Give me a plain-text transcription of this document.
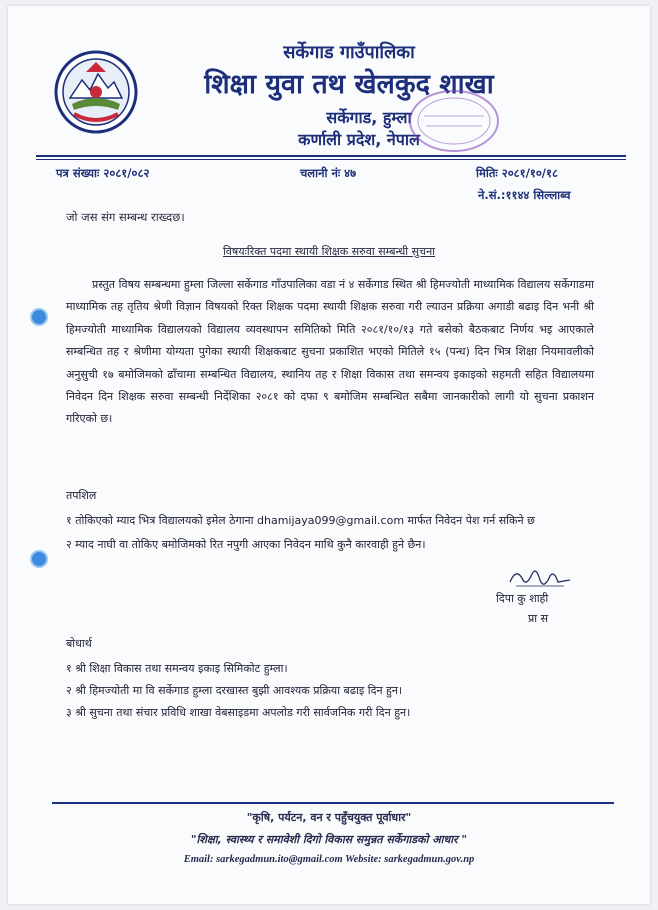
सर्केगाड गाउँपालिका
शिक्षा युवा तथ खेलकुद शाखा
सर्केगाड, हुम्ला
कर्णाली प्रदेश, नेपाल
पत्र संख्याः २०८१/०८२	चलानी नंः ४७	मितिः २०८१/१०/१८
ने.सं.:११४४ सिल्लाब्व
जो जस संग सम्बन्ध राख्दछ।
विषयःरिक्त पदमा स्थायी शिक्षक सरुवा सम्बन्धी सुचना
प्रस्तुत विषय सम्बन्धमा हुम्ला जिल्ला सर्केगाड गाँउपालिका वडा नं ४ सर्केगाड स्थित श्री हिमज्योती माध्यामिक विद्यालय सर्केगाडमा माध्यामिक तह तृतिय श्रेणी विज्ञान विषयको रिक्त शिक्षक पदमा स्थायी शिक्षक सरुवा गरी ल्याउन प्रक्रिया अगाडी बढाइ दिन भनी श्री हिमज्योती माध्यामिक विद्यालयको विद्यालय व्यवस्थापन समितिको मिति २०८१/१०/१३ गते बसेको बैठकबाट निर्णय भइ आएकाले सम्बन्धित तह र श्रेणीमा योग्यता पुगेका स्थायी शिक्षकबाट सुचना प्रकाशित भएको मितिले १५ (पन्ध) दिन भित्र शिक्षा नियमावलीको अनुसुची १७ बमोजिमको ढाँचामा सम्बन्धित विद्यालय, स्थानिय तह र शिक्षा विकास तथा समन्वय इकाइको सहमती सहित विद्यालयमा निवेदन दिन शिक्षक सरुवा सम्बन्धी निर्देशिका २०८१ को दफा ९ बमोजिम सम्बन्धित सबैमा जानकारीको लागी यो सुचना प्रकाशन गरिएको छ।
तपशिल
१ तोकिएको म्याद भित्र विद्यालयको इमेल ठेगाना dhamijaya099@gmail.com मार्फत निवेदन पेश गर्न सकिने छ
२ म्याद नाघी वा तोकिए बमोजिमको रित नपुगी आएका निवेदन माथि कुनै कारवाही हुने छैन।
दिपा कु शाही
प्रा स
बोधार्थ
१ श्री शिक्षा विकास तथा समन्वय इकाइ सिमिकोट हुम्ला।
२ श्री हिमज्योती मा वि सर्केगाड हुम्ला दरखास्त बुझी आवश्यक प्रक्रिया बढाइ दिन हुन।
३ श्री सुचना तथा संचार प्रविधि शाखा वेबसाइडमा अपलोड गरी सार्वजनिक गरी दिन हुन।
"कृषि, पर्यटन, वन र पहुँचयुक्त पूर्वाधार"
"शिक्षा, स्वास्थ्य र समावेशी दिगो विकास समुन्नत सर्केगाडको आधार "
Email: sarkegadmun.ito@gmail.com Website: sarkegadmun.gov.np
